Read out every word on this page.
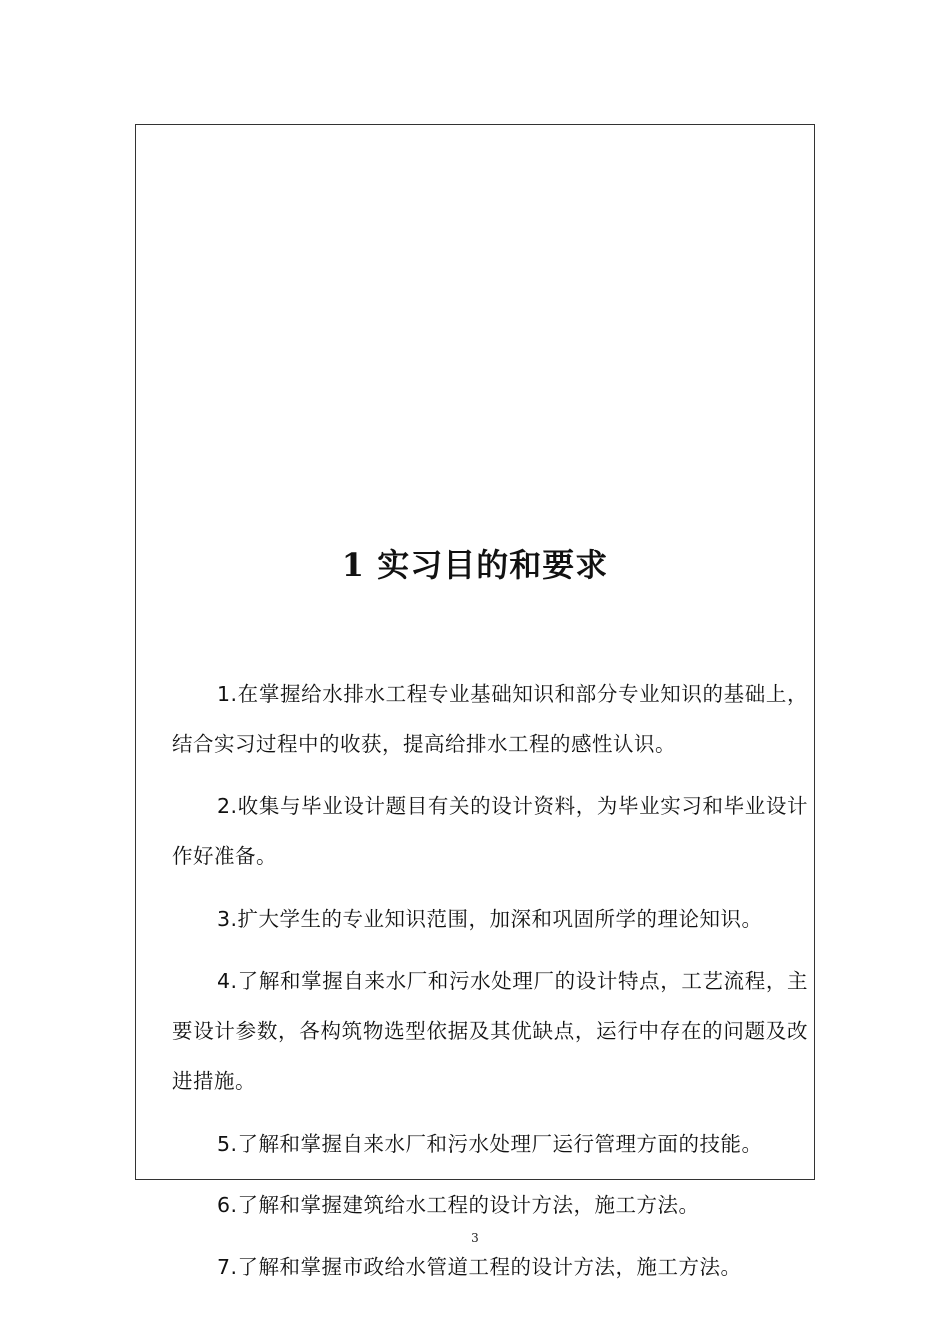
1 实习目的和要求
1.在掌握给水排水工程专业基础知识和部分专业知识的基础上，结合实习过程中的收获，提高给排水工程的感性认识。
2.收集与毕业设计题目有关的设计资料，为毕业实习和毕业设计作好准备。
3.扩大学生的专业知识范围，加深和巩固所学的理论知识。
4.了解和掌握自来水厂和污水处理厂的设计特点，工艺流程，主要设计参数，各构筑物选型依据及其优缺点，运行中存在的问题及改进措施。
5.了解和掌握自来水厂和污水处理厂运行管理方面的技能。
6.了解和掌握建筑给水工程的设计方法，施工方法。
7.了解和掌握市政给水管道工程的设计方法，施工方法。
3
